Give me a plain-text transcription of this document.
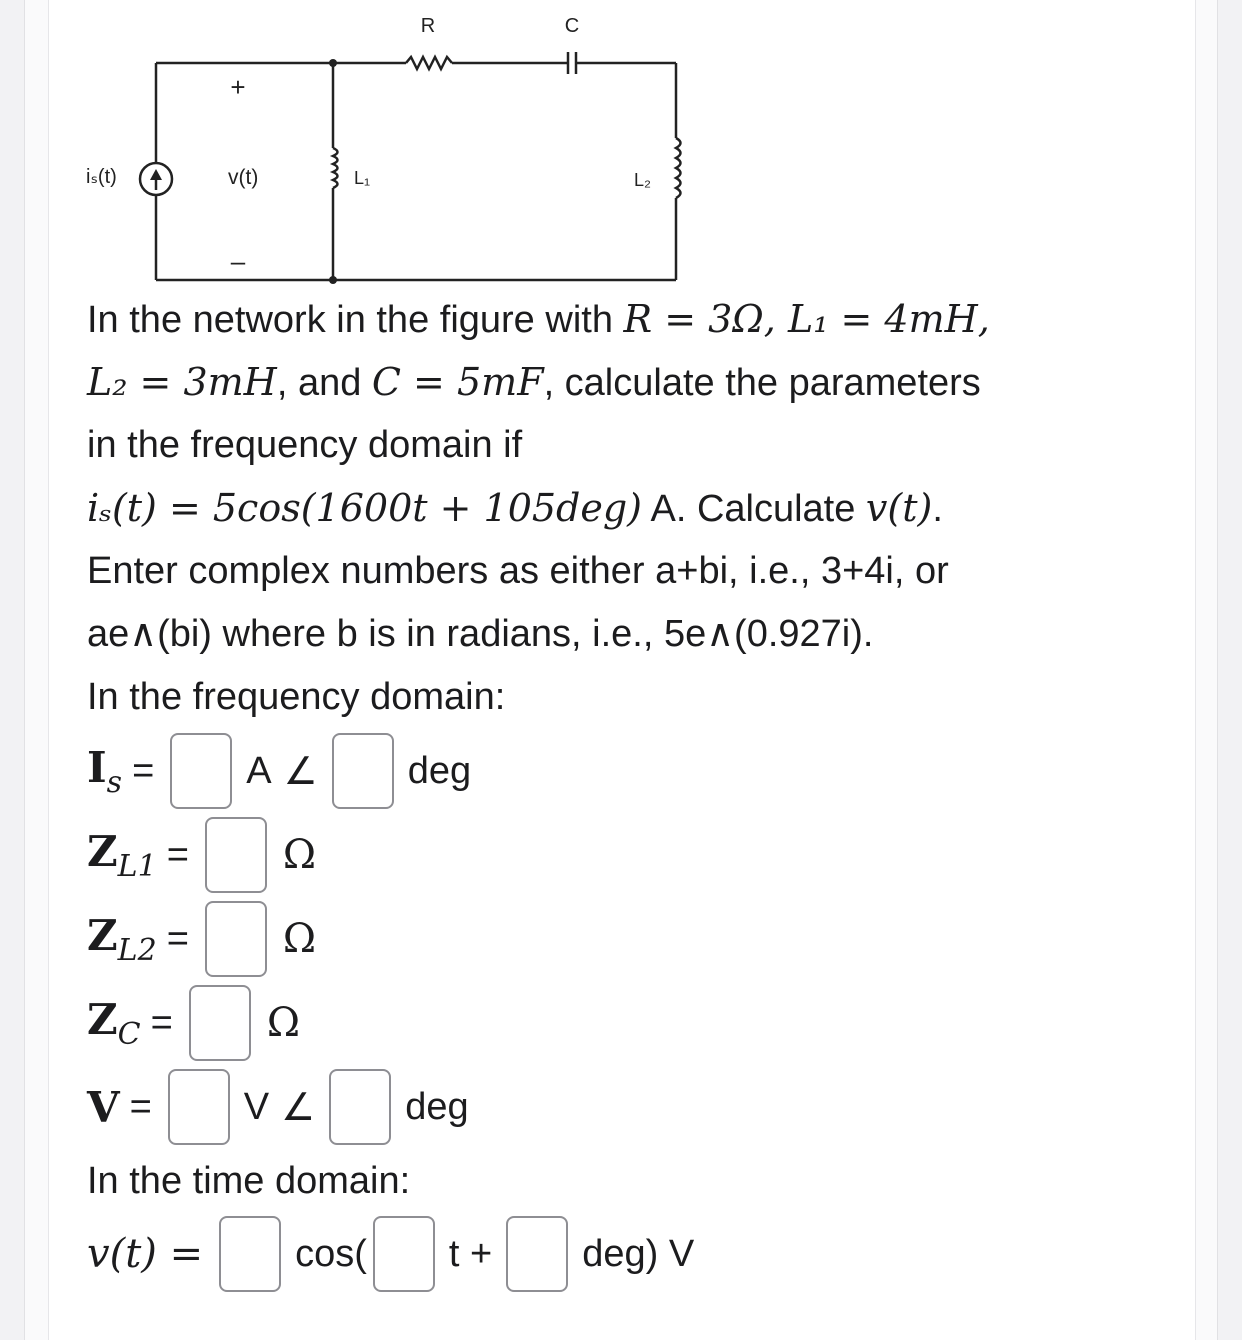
R	C
L₁	L₂
iₛ(t)	v(t)
+
–
In the network in the figure with R = 3Ω, L₁ = 4mH,
L₂ = 3mH, and C = 5mF, calculate the parameters
in the frequency domain if
iₛ(t) = 5cos(1600t + 105deg) A. Calculate v(t).
Enter complex numbers as either a+bi, i.e., 3+4i, or
ae∧(bi) where b is in radians, i.e., 5e∧(0.927i).
In the frequency domain:
$I_s = A$ ∠ deg
$Z_{L1} = \Omega$
$Z_{L2} = \Omega$
$Z_C = \Omega$
V = V ∠ deg
In the time domain:
v(t) = cos( t + deg) V
